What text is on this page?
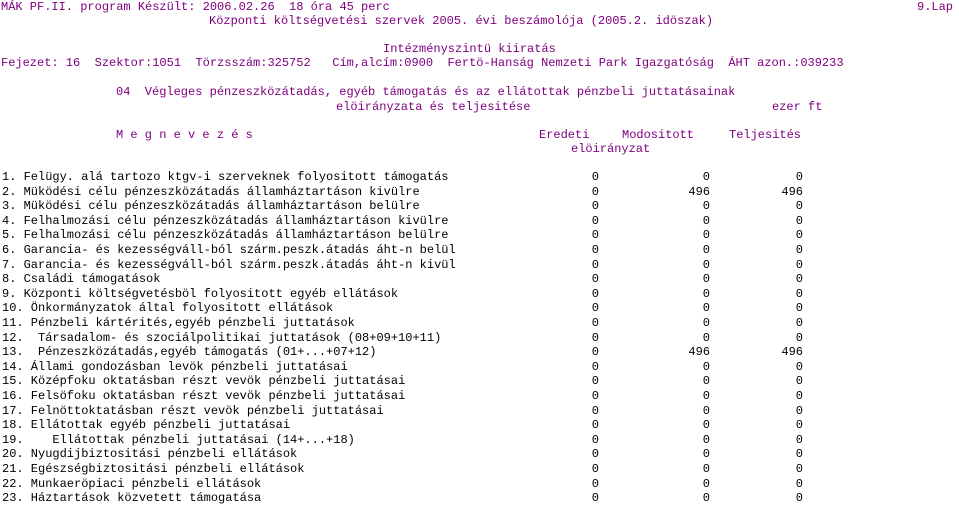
MÁK PF.II. program Készült: 2006.02.26  18 óra 45 perc	9.Lap
Központi költségvetési szervek 2005. évi beszámolója (2005.2. idöszak)
Intézményszintü kiiratás
Fejezet: 16  Szektor:1051  Törzsszám:325752   Cím,alcím:0900  Fertö-Hanság Nemzeti Park Igazgatóság  ÁHT azon.:039233
04  Végleges pénzeszközátadás, egyéb támogatás és az ellátottak pénzbeli juttatásainak
elöirányzata és teljesitése	ezer ft
M e g n e v e z é s	Eredeti	Modositott	Teljesités
elöirányzat
1. Felügy. alá tartozo ktgv-i szerveknek folyositott támogatás	0	0	0
2. Müködési célu pénzeszközátadás államháztartáson kivülre	0	496	496
3. Müködési célu pénzeszközátadás államháztartáson belülre	0	0	0
4. Felhalmozási célu pénzeszközátadás államháztartáson kivülre	0	0	0
5. Felhalmozási célu pénzeszközátadás államháztartáson belülre	0	0	0
6. Garancia- és kezességváll-ból szárm.peszk.átadás áht-n belül	0	0	0
7. Garancia- és kezességváll-ból szárm.peszk.átadás áht-n kivül	0	0	0
8. Családi támogatások	0	0	0
9. Központi költségvetésböl folyositott egyéb ellátások	0	0	0
10. Önkormányzatok által folyositott ellátások	0	0	0
11. Pénzbeli kártérités,egyéb pénzbeli juttatások	0	0	0
12.  Társadalom- és szociálpolitikai juttatások (08+09+10+11)	0	0	0
13.  Pénzeszközátadás,egyéb támogatás (01+...+07+12)	0	496	496
14. Állami gondozásban levök pénzbeli juttatásai	0	0	0
15. Középfoku oktatásban részt vevök pénzbeli juttatásai	0	0	0
16. Felsöfoku oktatásban részt vevök pénzbeli juttatásai	0	0	0
17. Felnöttoktatásban részt vevök pénzbeli juttatásai	0	0	0
18. Ellátottak egyéb pénzbeli juttatásai	0	0	0
19.    Ellátottak pénzbeli juttatásai (14+...+18)	0	0	0
20. Nyugdijbiztositási pénzbeli ellátások	0	0	0
21. Egészségbiztositási pénzbeli ellátások	0	0	0
22. Munkaeröpiaci pénzbeli ellátások	0	0	0
23. Háztartások közvetett támogatása	0	0	0
